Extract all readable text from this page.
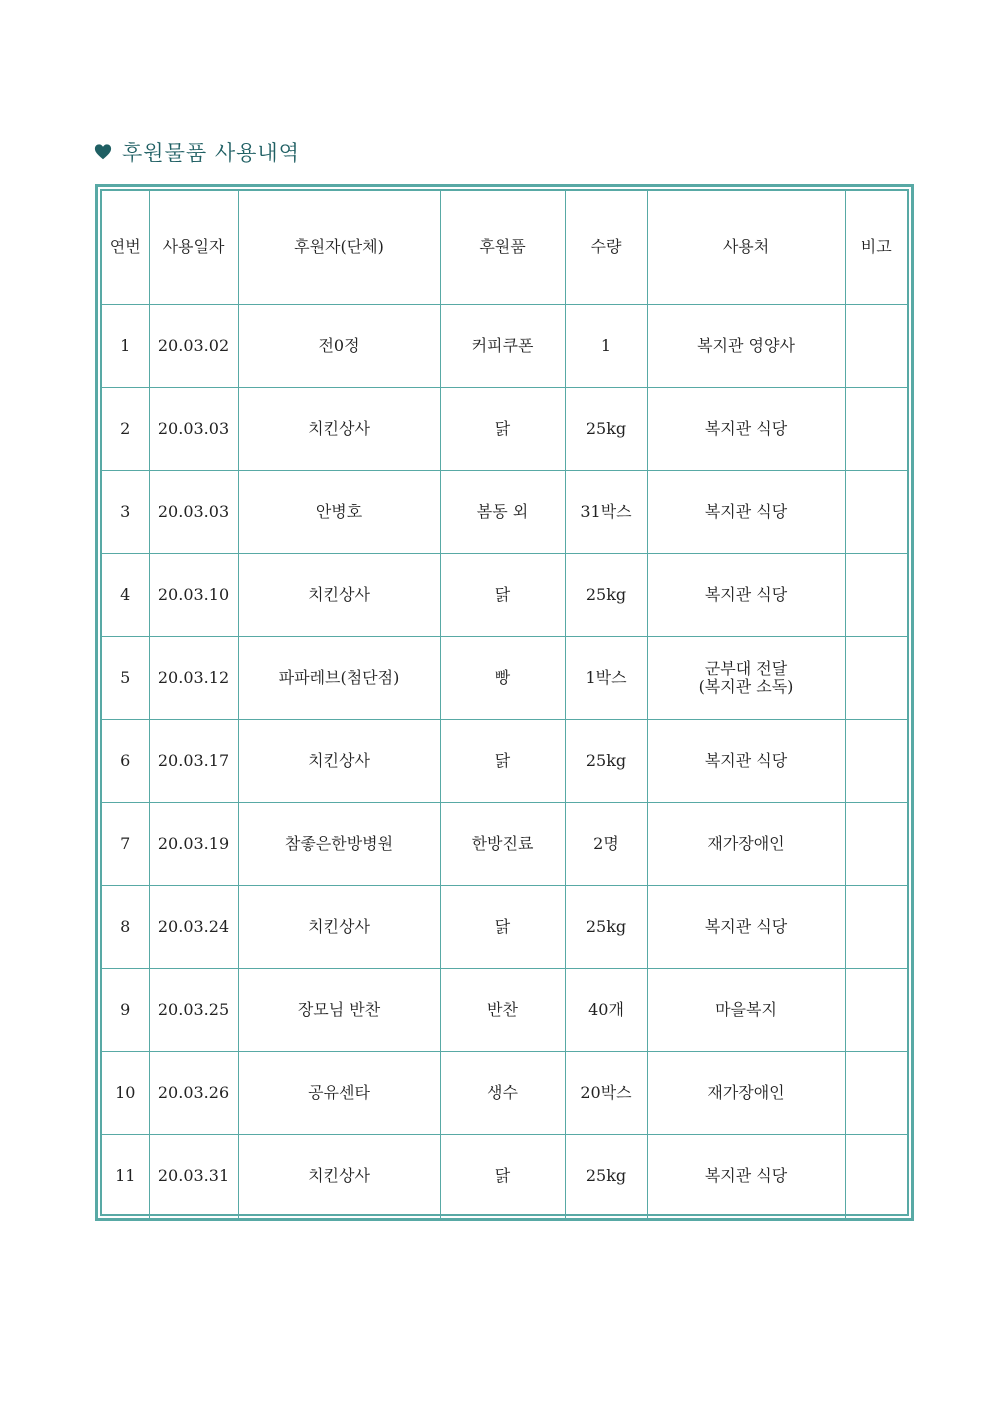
후원물품 사용내역
연번	사용일자	후원자(단체)	후원품	수량	사용처	비고
1	20.03.02	전0정	커피쿠폰	1	복지관 영양사	
2	20.03.03	치킨상사	닭	25kg	복지관 식당	
3	20.03.03	안병호	봄동 외	31박스	복지관 식당	
4	20.03.10	치킨상사	닭	25kg	복지관 식당	
5	20.03.12	파파레브(첨단점)	빵	1박스	군부대 전달
(복지관 소독)	
6	20.03.17	치킨상사	닭	25kg	복지관 식당	
7	20.03.19	참좋은한방병원	한방진료	2명	재가장애인	
8	20.03.24	치킨상사	닭	25kg	복지관 식당	
9	20.03.25	장모님 반찬	반찬	40개	마을복지	
10	20.03.26	공유센타	생수	20박스	재가장애인	
11	20.03.31	치킨상사	닭	25kg	복지관 식당	
